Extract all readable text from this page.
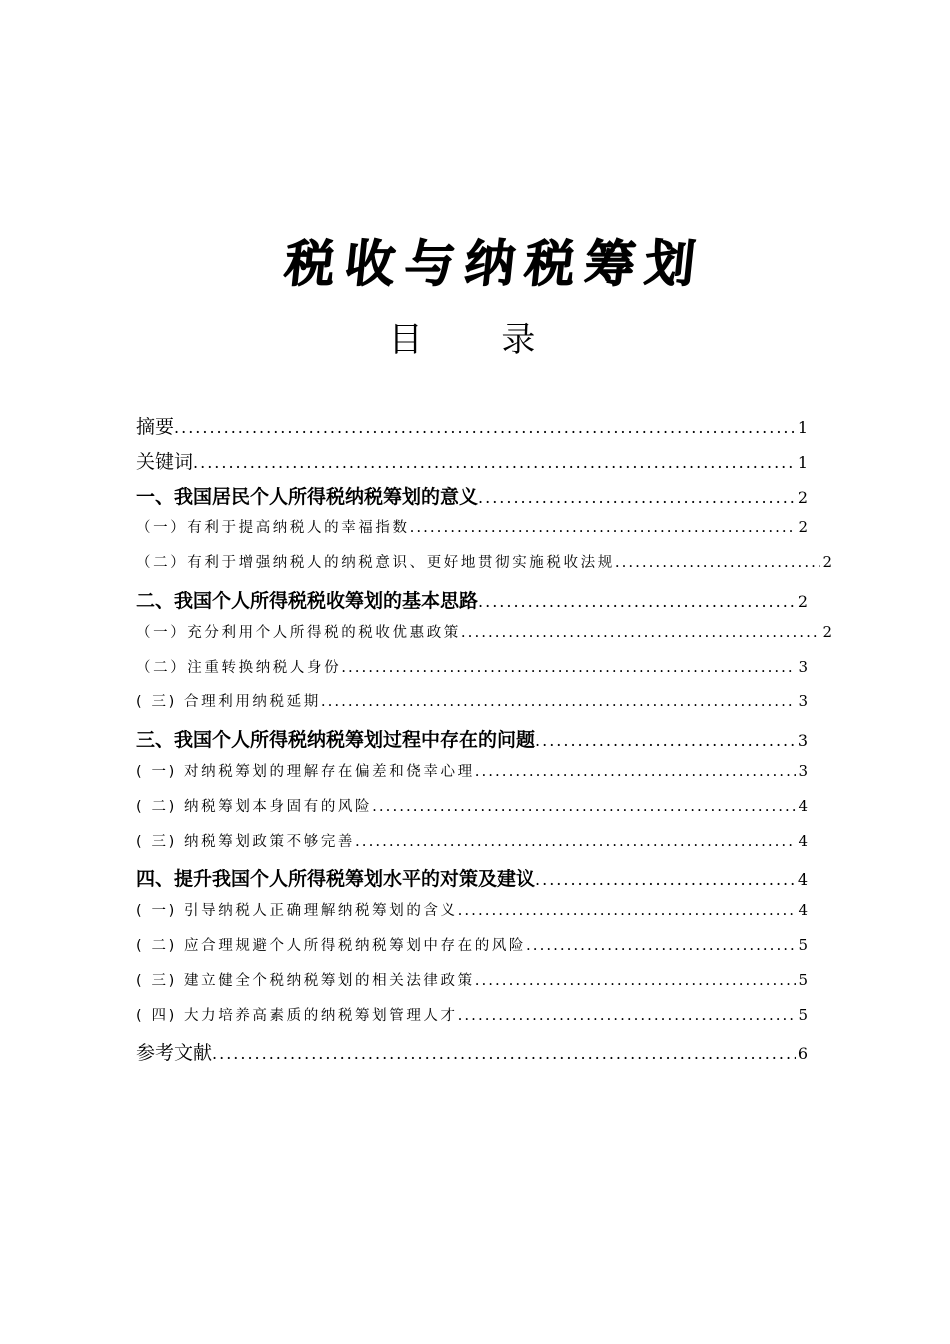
税收与纳税筹划
目 录
摘要 .....	1
关键词 .....	1
一、我国居民个人所得税纳税筹划的意义 .....	2
（一）有利于提高纳税人的幸福指数 .....	2
（二）有利于增强纳税人的纳税意识、更好地贯彻实施税收法规 .....	2
二、我国个人所得税税收筹划的基本思路 .....	2
（一）充分利用个人所得税的税收优惠政策 .....	2
（二）注重转换纳税人身份 .....	3
( 三) 合理利用纳税延期 .....	3
三、我国个人所得税纳税筹划过程中存在的问题 .....	3
( 一) 对纳税筹划的理解存在偏差和侥幸心理 .....	3
( 二) 纳税筹划本身固有的风险 .....	4
( 三) 纳税筹划政策不够完善 .....	4
四、提升我国个人所得税筹划水平的对策及建议 .....	4
( 一) 引导纳税人正确理解纳税筹划的含义 .....	4
( 二) 应合理规避个人所得税纳税筹划中存在的风险 .....	5
( 三) 建立健全个税纳税筹划的相关法律政策 .....	5
( 四) 大力培养高素质的纳税筹划管理人才 .....	5
参考文献 .....	6
